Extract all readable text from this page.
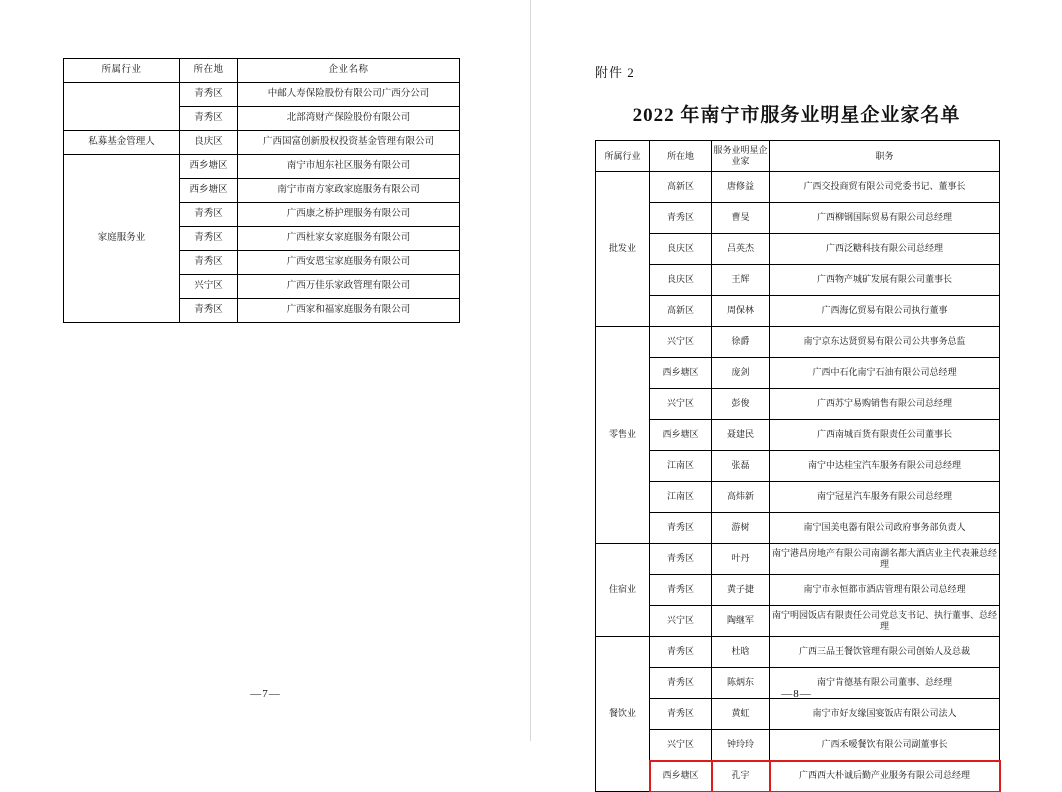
所属行业	所在地	企业名称
	青秀区	中邮人寿保险股份有限公司广西分公司
	青秀区	北部湾财产保险股份有限公司
私募基金管理人	良庆区	广西国富创新股权投资基金管理有限公司
家庭服务业	西乡塘区	南宁市旭东社区服务有限公司
	西乡塘区	南宁市南方家政家庭服务有限公司
	青秀区	广西康之桥护理服务有限公司
	青秀区	广西杜家女家庭服务有限公司
	青秀区	广西安恩宝家庭服务有限公司
	兴宁区	广西万佳乐家政管理有限公司
	青秀区	广西家和福家庭服务有限公司
—7—
附件 2
2022 年南宁市服务业明星企业家名单
所属行业	所在地	服务业明星企业家	职务
批发业	高新区	唐修益	广西交投商贸有限公司党委书记、董事长
	青秀区	曹旻	广西柳钢国际贸易有限公司总经理
	良庆区	吕英杰	广西泛糖科技有限公司总经理
	良庆区	王辉	广西物产城矿发展有限公司董事长
	高新区	周保林	广西海亿贸易有限公司执行董事
零售业	兴宁区	徐爵	南宁京东达贤贸易有限公司公共事务总监
	西乡塘区	庞剑	广西中石化南宁石油有限公司总经理
	兴宁区	彭俊	广西苏宁易购销售有限公司总经理
	西乡塘区	聂建民	广西南城百货有限责任公司董事长
	江南区	张磊	南宁中达桂宝汽车服务有限公司总经理
	江南区	高炜新	南宁冠星汽车服务有限公司总经理
	青秀区	游树	南宁国美电器有限公司政府事务部负责人
住宿业	青秀区	叶丹	南宁港昌房地产有限公司南湖名都大酒店业主代表兼总经理
	青秀区	黄子捷	南宁市永恒都市酒店管理有限公司总经理
	兴宁区	陶继军	南宁明园饭店有限责任公司党总支书记、执行董事、总经理
餐饮业	青秀区	杜晗	广西三品王餐饮管理有限公司创始人及总裁
	青秀区	陈炳东	南宁肯德基有限公司董事、总经理
	青秀区	黄虹	南宁市好友缘国宴饭店有限公司法人
	兴宁区	钟玲玲	广西禾嗳餐饮有限公司副董事长
	西乡塘区	孔宇	广西西大朴诚后勤产业服务有限公司总经理
—8—
